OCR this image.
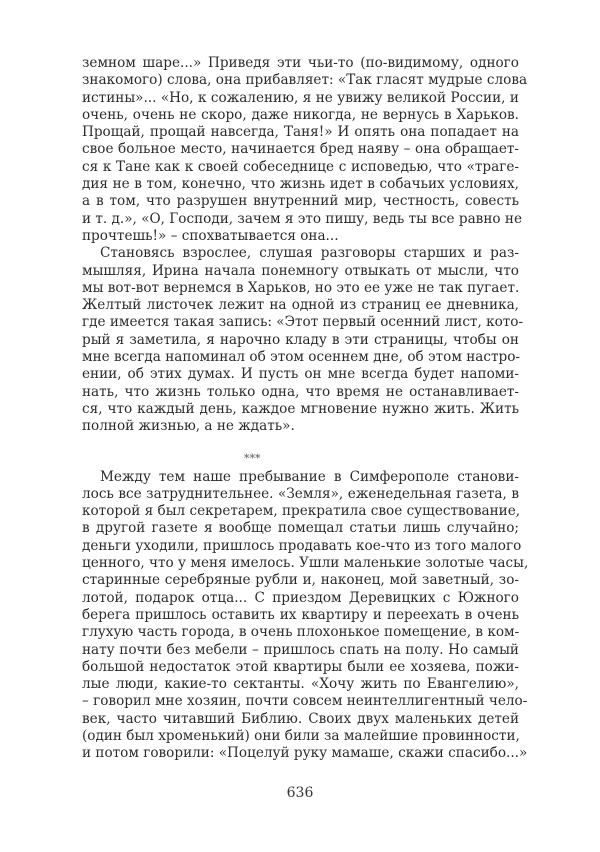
земном шаре...» Приведя эти чьи-то (по-видимому, одного
знакомого) слова, она прибавляет: «Так гласят мудрые слова
истины»... «Но, к сожалению, я не увижу великой России, и
очень, очень не скоро, даже никогда, не вернусь в Харьков.
Прощай, прощай навсегда, Таня!» И опять она попадает на
свое больное место, начинается бред наяву – она обращает-
ся к Тане как к своей собеседнице с исповедью, что «траге-
дия не в том, конечно, что жизнь идет в собачьих условиях,
а в том, что разрушен внутренний мир, честность, совесть
и т. д.», «О, Господи, зачем я это пишу, ведь ты все равно не
прочтешь!» – спохватывается она...

Становясь взрослее, слушая разговоры старших и раз-
мышляя, Ирина начала понемногу отвыкать от мысли, что
мы вот-вот вернемся в Харьков, но это ее уже не так пугает.
Желтый листочек лежит на одной из страниц ее дневника,
где имеется такая запись: «Этот первый осенний лист, кото-
рый я заметила, я нарочно кладу в эти страницы, чтобы он
мне всегда напоминал об этом осеннем дне, об этом настро-
ении, об этих думах. И пусть он мне всегда будет напоми-
нать, что жизнь только одна, что время не останавливает-
ся, что каждый день, каждое мгновение нужно жить. Жить
полной жизнью, а не ждать».

***

Между тем наше пребывание в Симферополе станови-
лось все затруднительнее. «Земля», еженедельная газета, в
которой я был секретарем, прекратила свое существование,
в другой газете я вообще помещал статьи лишь случайно;
деньги уходили, пришлось продавать кое-что из того малого
ценного, что у меня имелось. Ушли маленькие золотые часы,
старинные серебряные рубли и, наконец, мой заветный, зо-
лотой, подарок отца... С приездом Деревицких с Южного
берега пришлось оставить их квартиру и переехать в очень
глухую часть города, в очень плохонькое помещение, в ком-
нату почти без мебели – пришлось спать на полу. Но самый
большой недостаток этой квартиры были ее хозяева, пожи-
лые люди, какие-то сектанты. «Хочу жить по Евангелию»,
– говорил мне хозяин, почти совсем неинтеллигентный чело-
век, часто читавший Библию. Своих двух маленьких детей
(один был хроменький) они били за малейшие провинности,
и потом говорили: «Поцелуй руку мамаше, скажи спасибо...»

636
